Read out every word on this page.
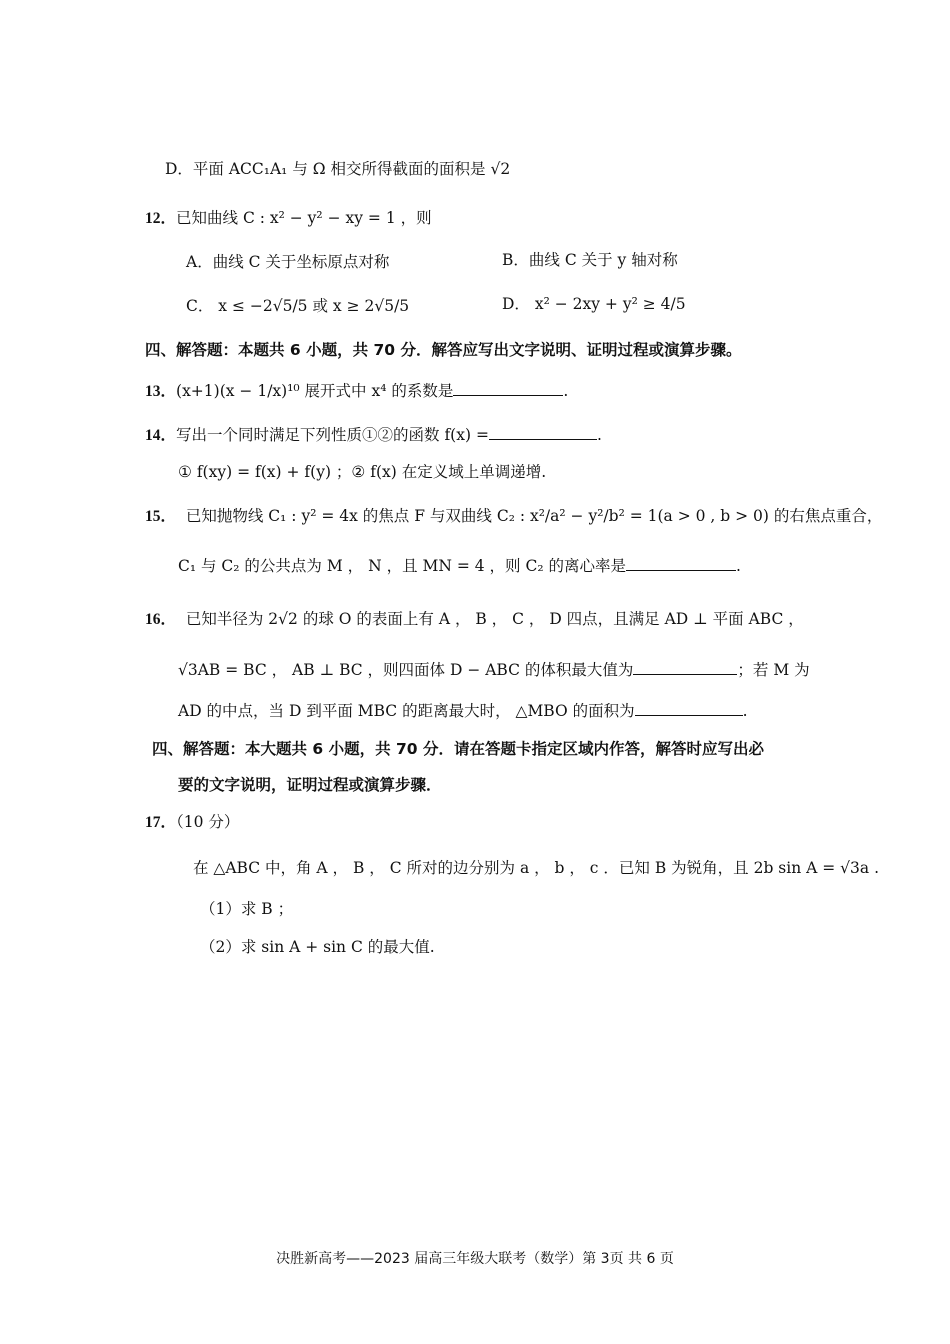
D．平面 ACC₁A₁ 与 Ω 相交所得截面的面积是 √2
12．已知曲线 C : x² − y² − xy = 1 ，则
A．曲线 C 关于坐标原点对称	B．曲线 C 关于 y 轴对称
C． x ≤ −2√5/5 或 x ≥ 2√5/5	D． x² − 2xy + y² ≥ 4/5
四、解答题：本题共 6 小题，共 70 分．解答应写出文字说明、证明过程或演算步骤。
13．(x+1)(x − 1/x)¹⁰ 展开式中 x⁴ 的系数是	.
14．写出一个同时满足下列性质①②的函数 f(x) =	.
① f(xy) = f(x) + f(y) ；② f(x) 在定义域上单调递增.
15． 已知抛物线 C₁ : y² = 4x 的焦点 F 与双曲线 C₂ : x²/a² − y²/b² = 1(a > 0 , b > 0) 的右焦点重合，
C₁ 与 C₂ 的公共点为 M ， N ，且 MN = 4 ，则 C₂ 的离心率是	.
16． 已知半径为 2√2 的球 O 的表面上有 A ， B ， C ， D 四点，且满足 AD ⊥ 平面 ABC ，
√3AB = BC ， AB ⊥ BC ，则四面体 D − ABC 的体积最大值为	；若 M 为
AD 的中点，当 D 到平面 MBC 的距离最大时， △MBO 的面积为	.
四、解答题：本大题共 6 小题，共 70 分．请在答题卡指定区域内作答，解答时应写出必
要的文字说明，证明过程或演算步骤．
17．（10 分）
在 △ABC 中，角 A ， B ， C 所对的边分别为 a ， b ， c ．已知 B 为锐角，且 2b sin A = √3a .
（1）求 B ；
（2）求 sin A + sin C 的最大值.
决胜新高考——2023 届高三年级大联考（数学）第 3页 共 6 页
